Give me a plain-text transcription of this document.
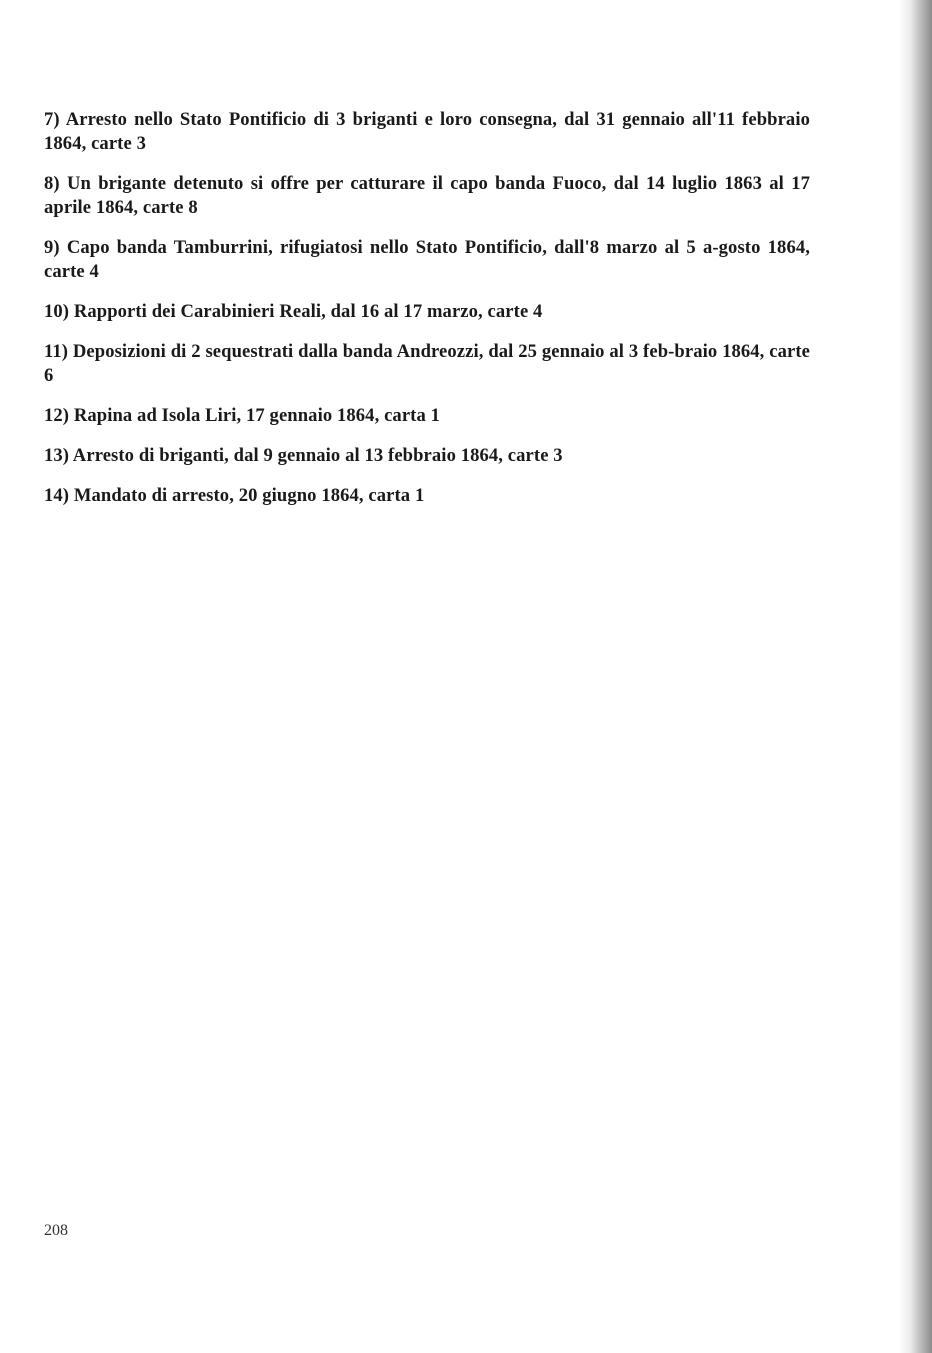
7) Arresto nello Stato Pontificio di 3 briganti e loro consegna, dal 31 gennaio all'11 febbraio 1864, carte 3
8) Un brigante detenuto si offre per catturare il capo banda Fuoco, dal 14 luglio 1863 al 17 aprile 1864, carte 8
9) Capo banda Tamburrini, rifugiatosi nello Stato Pontificio, dall'8 marzo al 5 a-gosto 1864, carte 4
10) Rapporti dei Carabinieri Reali, dal 16 al 17 marzo, carte 4
11) Deposizioni di 2 sequestrati dalla banda Andreozzi, dal 25 gennaio al 3 feb-braio 1864, carte 6
12) Rapina ad Isola Liri, 17 gennaio 1864, carta 1
13) Arresto di briganti, dal 9 gennaio al 13 febbraio 1864, carte 3
14) Mandato di arresto, 20 giugno 1864, carta 1
208
